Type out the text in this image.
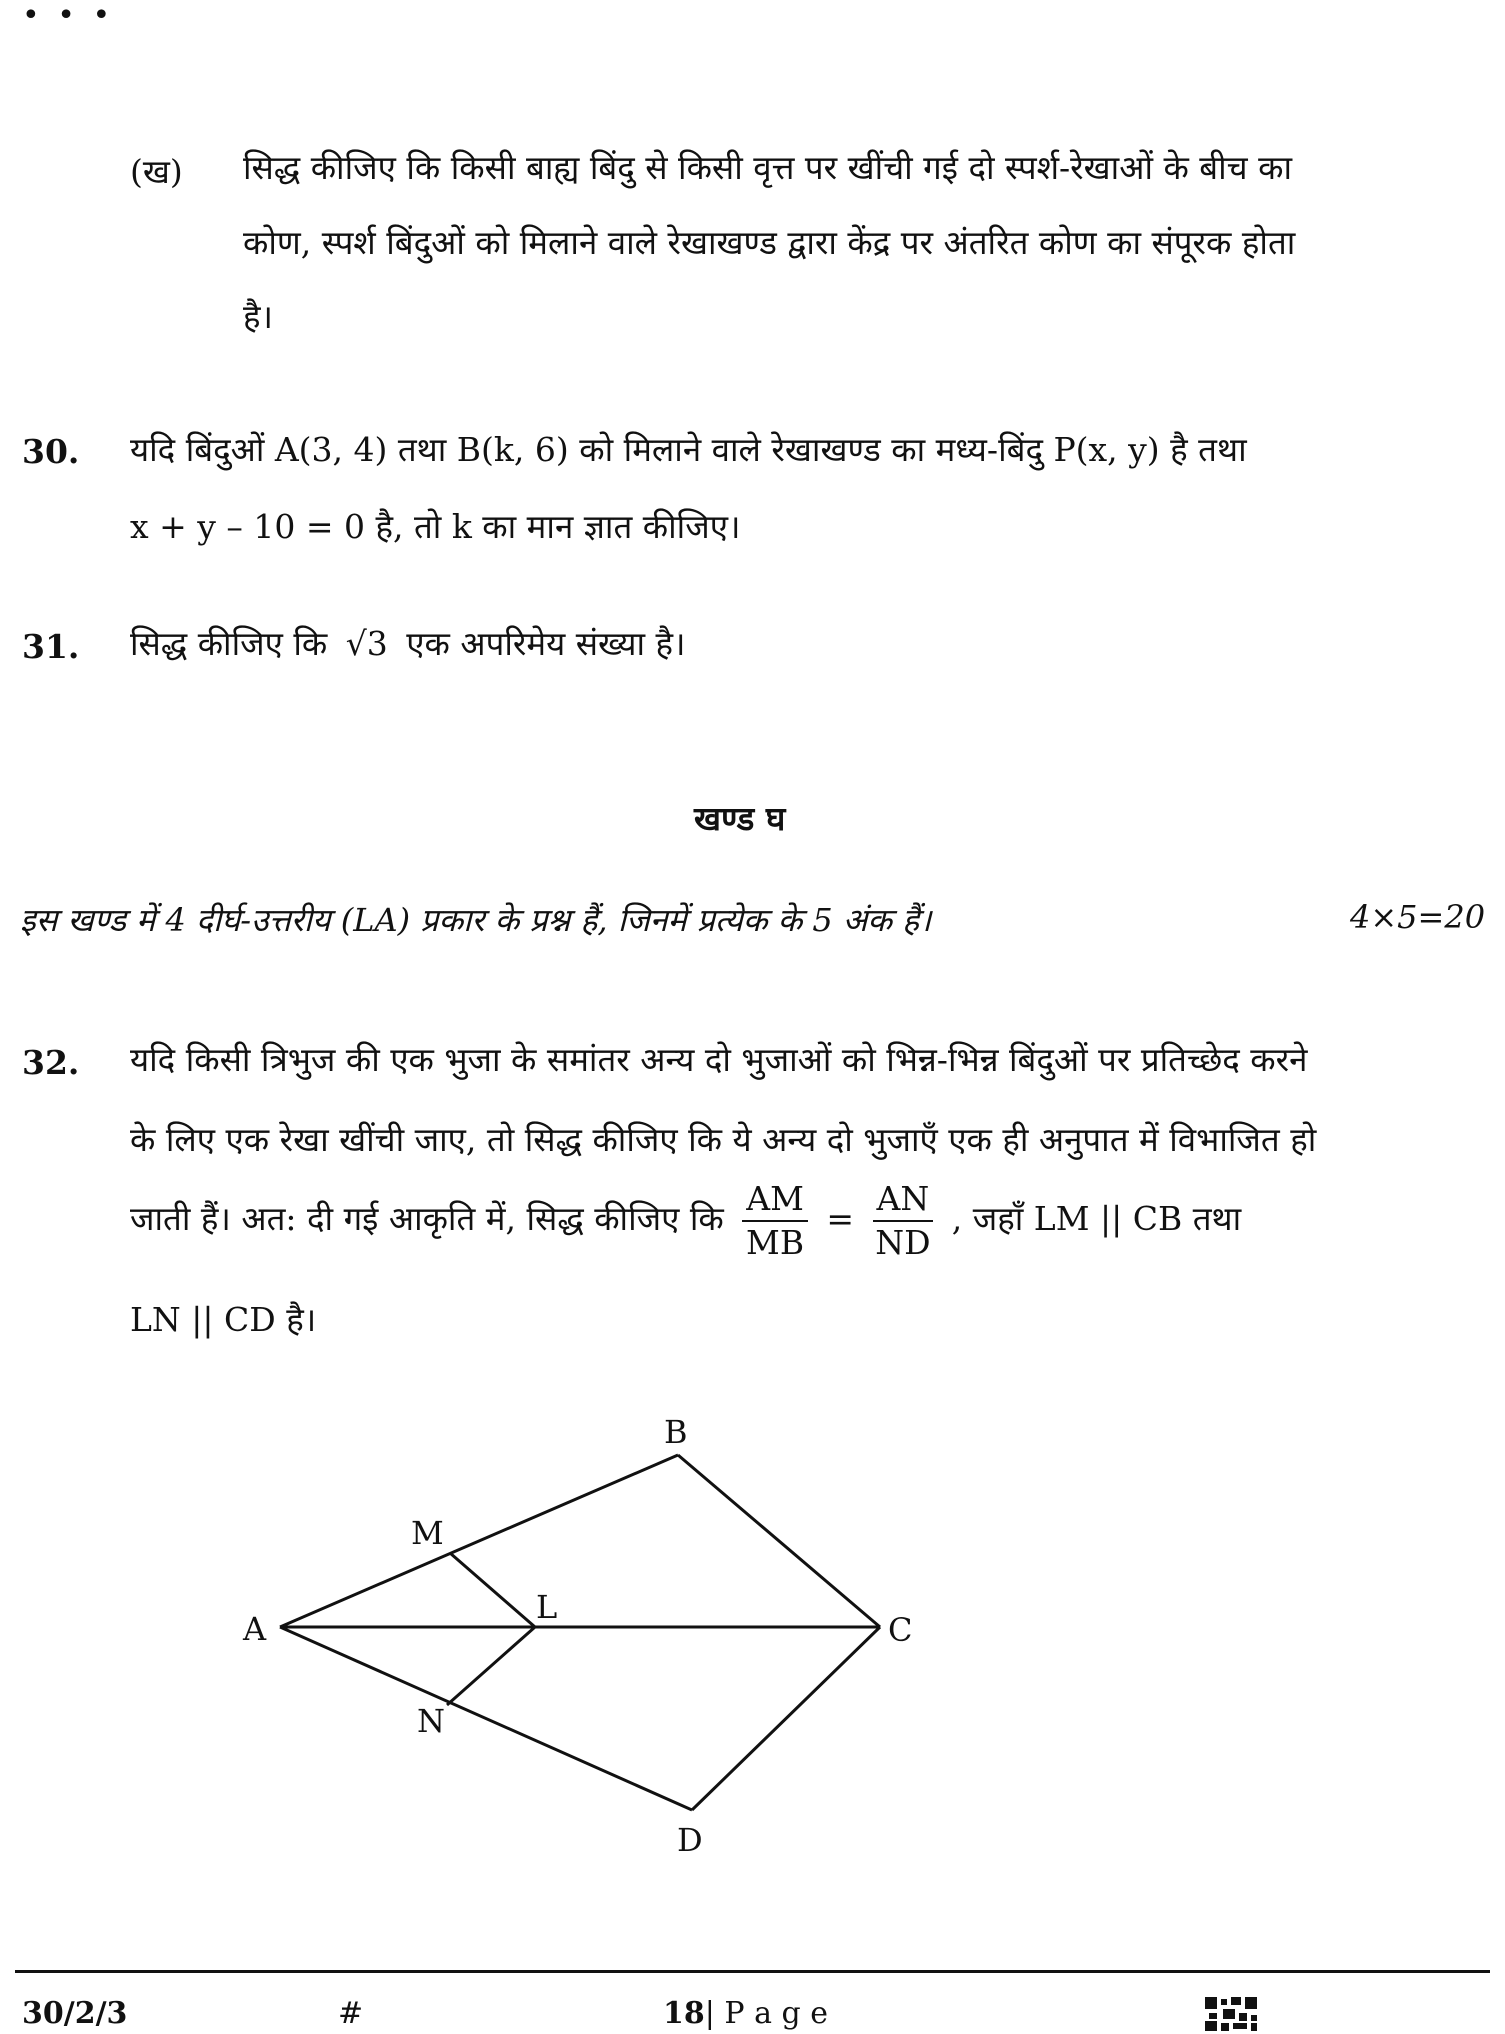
• • •
(ख) सिद्ध कीजिए कि किसी बाह्य बिंदु से किसी वृत्त पर खींची गई दो स्पर्श-रेखाओं के बीच का
कोण, स्पर्श बिंदुओं को मिलाने वाले रेखाखण्ड द्वारा केंद्र पर अंतरित कोण का संपूरक होता
है।
30. यदि बिंदुओं A(3, 4) तथा B(k, 6) को मिलाने वाले रेखाखण्ड का मध्य-बिंदु P(x, y) है तथा
x + y – 10 = 0 है, तो k का मान ज्ञात कीजिए।
31. सिद्ध कीजिए कि √3 एक अपरिमेय संख्या है।
खण्ड घ
इस खण्ड में 4 दीर्घ-उत्तरीय (LA) प्रकार के प्रश्न हैं, जिनमें प्रत्येक के 5 अंक हैं।	4×5=20
32. यदि किसी त्रिभुज की एक भुजा के समांतर अन्य दो भुजाओं को भिन्न-भिन्न बिंदुओं पर प्रतिच्छेद करने
के लिए एक रेखा खींची जाए, तो सिद्ध कीजिए कि ये अन्य दो भुजाएँ एक ही अनुपात में विभाजित हो
जाती हैं। अत: दी गई आकृति में, सिद्ध कीजिए कि $\frac{AM}{MB} = \frac{AN}{ND}$ , जहाँ LM || CB तथा
LN || CD है।
B
M
A
L
C
N
D
30/2/3	#	18| P a g e
